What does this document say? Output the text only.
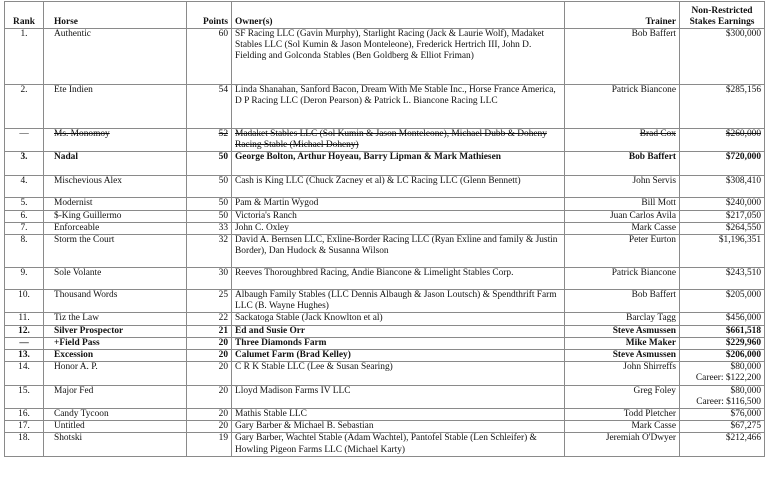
Rank	Horse	Points	Owner(s)	Trainer	Non-Restricted
Stakes Earnings
1.	Authentic	60	SF Racing LLC (Gavin Murphy), Starlight Racing (Jack & Laurie Wolf), Madaket Stables LLC (Sol Kumin & Jason Monteleone), Frederick Hertrich III, John D. Fielding and Golconda Stables (Ben Goldberg & Elliot Friman)	Bob Baffert	$300,000
2.	Ete Indien	54	Linda Shanahan, Sanford Bacon, Dream With Me Stable Inc., Horse France America, D P Racing LLC (Deron Pearson) & Patrick L. Biancone Racing LLC	Patrick Biancone	$285,156
—	Ms. Monomoy	52	Madaket Stables LLC (Sol Kumin & Jason Monteleone), Michael Dubb & Doheny Racing Stable (Michael Doheny)	Brad Cox	$260,000
3.	Nadal	50	George Bolton, Arthur Hoyeau, Barry Lipman & Mark Mathiesen	Bob Baffert	$720,000
4.	Mischevious Alex	50	Cash is King LLC (Chuck Zacney et al) & LC Racing LLC (Glenn Bennett)	John Servis	$308,410
5.	Modernist	50	Pam & Martin Wygod	Bill Mott	$240,000
6.	$-King Guillermo	50	Victoria's Ranch	Juan Carlos Avila	$217,050
7.	Enforceable	33	John C. Oxley	Mark Casse	$264,550
8.	Storm the Court	32	David A. Bernsen LLC, Exline-Border Racing LLC (Ryan Exline and family & Justin Border), Dan Hudock & Susanna Wilson	Peter Eurton	$1,196,351
9.	Sole Volante	30	Reeves Thoroughbred Racing, Andie Biancone & Limelight Stables Corp.	Patrick Biancone	$243,510
10.	Thousand Words	25	Albaugh Family Stables (LLC Dennis Albaugh & Jason Loutsch) & Spendthrift Farm LLC (B. Wayne Hughes)	Bob Baffert	$205,000
11.	Tiz the Law	22	Sackatoga Stable (Jack Knowlton et al)	Barclay Tagg	$456,000
12.	Silver Prospector	21	Ed and Susie Orr	Steve Asmussen	$661,518
—	+Field Pass	20	Three Diamonds Farm	Mike Maker	$229,960
13.	Excession	20	Calumet Farm (Brad Kelley)	Steve Asmussen	$206,000
14.	Honor A. P.	20	C R K Stable LLC (Lee & Susan Searing)	John Shirreffs	$80,000
Career: $122,200

15.	Major Fed	20	Lloyd Madison Farms IV LLC	Greg Foley	$80,000
Career: $116,500

16.	Candy Tycoon	20	Mathis Stable LLC	Todd Pletcher	$76,000
17.	Untitled	20	Gary Barber & Michael B. Sebastian	Mark Casse	$67,275
18.	Shotski	19	Gary Barber, Wachtel Stable (Adam Wachtel), Pantofel Stable (Len Schleifer) & Howling Pigeon Farms LLC (Michael Karty)	Jeremiah O'Dwyer	$212,466
